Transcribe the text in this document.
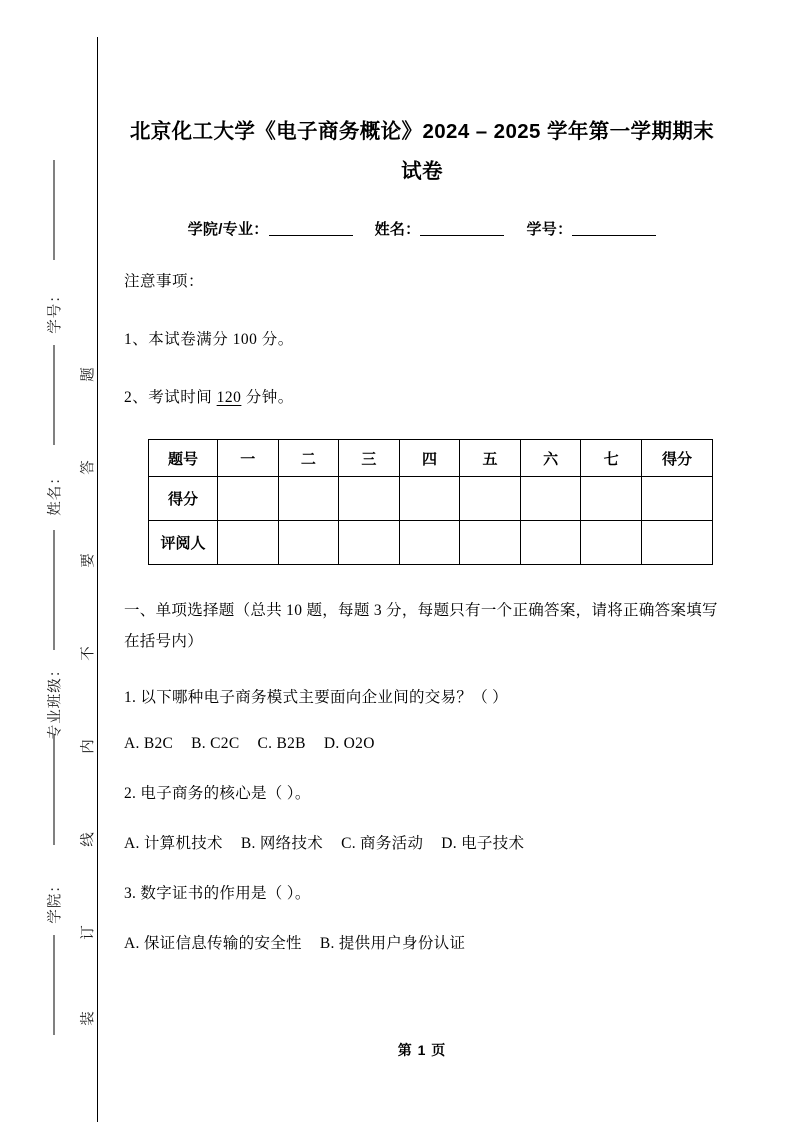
学号：
姓名：
专业班级：
学院：
题
答
要
不
内
线
订
装
北京化工大学《电子商务概论》2024 – 2025 学年第一学期期末试卷

学院/专业：	姓名：	学号：

注意事项：

1、本试卷满分 100 分。

2、考试时间 120 分钟。

题号	一	二	三	四	五	六	七	得分
得分								
评阅人								

一、单项选择题（总共 10 题，每题 3 分，每题只有一个正确答案，请将正确答案填写在括号内）

1. 以下哪种电子商务模式主要面向企业间的交易？（ ）

A. B2C B. C2C C. B2B D. O2O

2. 电子商务的核心是（ ）。

A. 计算机技术 B. 网络技术 C. 商务活动 D. 电子技术

3. 数字证书的作用是（ ）。

A. 保证信息传输的安全性 B. 提供用户身份认证

第 1 页
